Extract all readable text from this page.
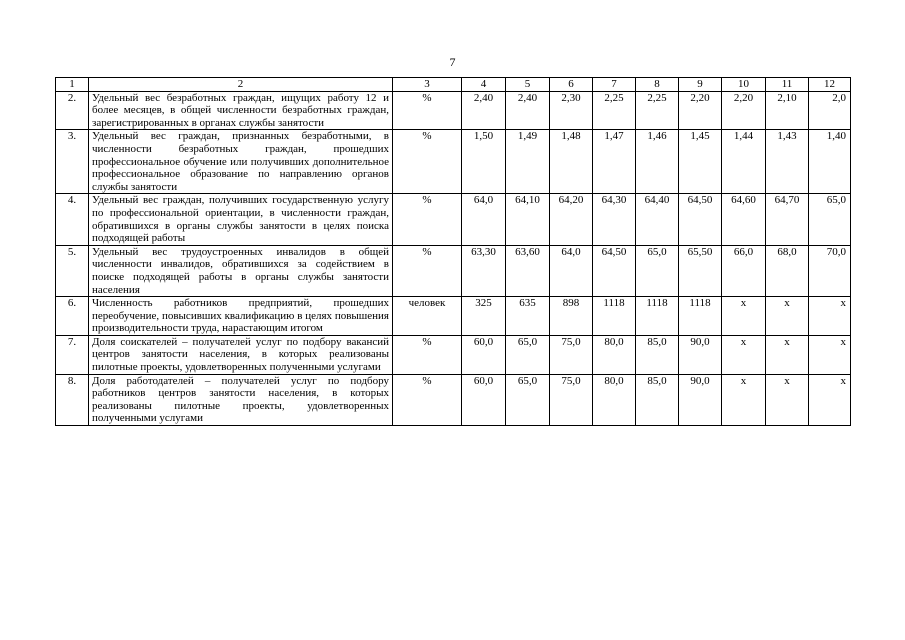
7
1	2	3	4	5	6	7	8	9	10	11	12
2.	Удельный вес безработных граждан, ищущих работу 12 и более месяцев, в общей численности безработных граждан, зарегистрированных в органах службы занятости	%	2,40	2,40	2,30	2,25	2,25	2,20	2,20	2,10	2,0
3.	Удельный вес граждан, признанных безработными, в численности безработных граждан, прошедших профессиональное обучение или получивших дополнительное профессиональное образование по направлению органов службы занятости	%	1,50	1,49	1,48	1,47	1,46	1,45	1,44	1,43	1,40
4.	Удельный вес граждан, получивших государственную услугу по профессиональной ориентации, в численности граждан, обратившихся в органы службы занятости в целях поиска подходящей работы	%	64,0	64,10	64,20	64,30	64,40	64,50	64,60	64,70	65,0
5.	Удельный вес трудоустроенных инвалидов в общей численности инвалидов, обратившихся за содействием в поиске подходящей работы в органы службы занятости населения	%	63,30	63,60	64,0	64,50	65,0	65,50	66,0	68,0	70,0
6.	Численность работников предприятий, прошедших переобучение, повысивших квалификацию в целях повышения производительности труда, нарастающим итогом	человек	325	635	898	1118	1118	1118	х	х	х
7.	Доля соискателей – получателей услуг по подбору вакансий центров занятости населения, в которых реализованы пилотные проекты, удовлетворенных полученными услугами	%	60,0	65,0	75,0	80,0	85,0	90,0	х	х	х
8.	Доля работодателей – получателей услуг по подбору работников центров занятости населения, в которых реализованы пилотные проекты, удовлетворенных полученными услугами	%	60,0	65,0	75,0	80,0	85,0	90,0	х	х	х
